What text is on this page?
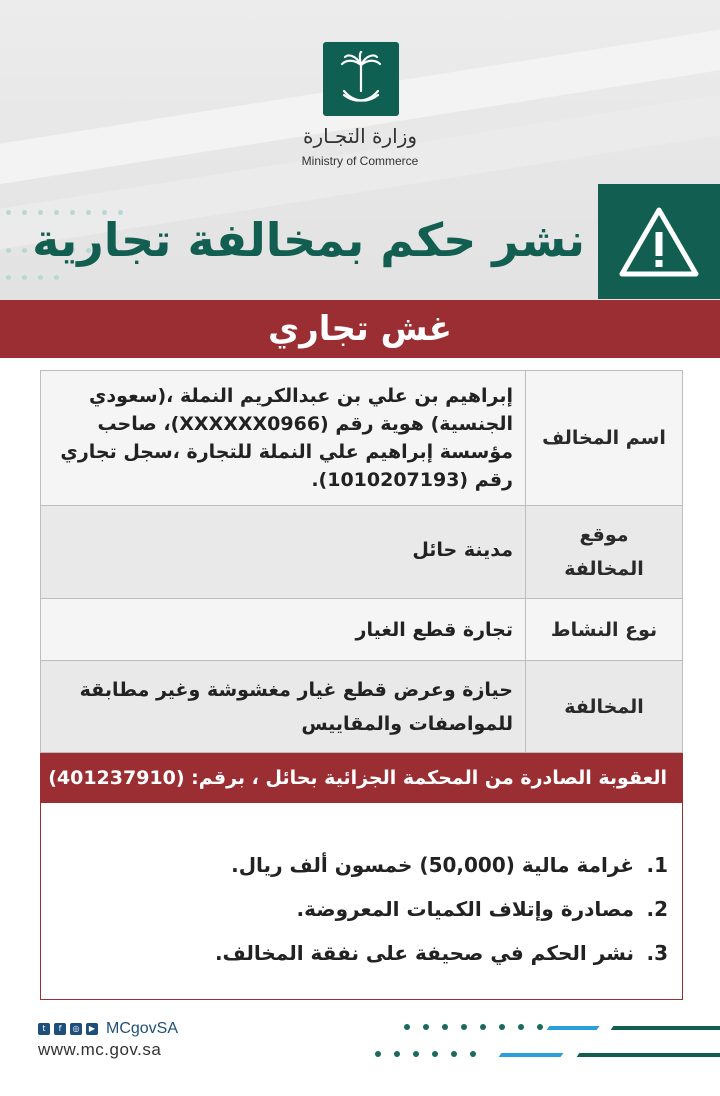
وزارة التجـارة
Ministry of Commerce
نشر حكم بمخالفة تجارية
غش تجاري
اسم المخالف	إبراهيم بن علي بن عبدالكريم النملة ،(سعودي الجنسية) هوية رقم (XXXXXX0966)، صاحب مؤسسة إبراهيم علي النملة للتجارة ،سجل تجاري رقم (1010207193).
موقع المخالفة	مدينة حائل
نوع النشاط	تجارة قطع الغيار
المخالفة	حيازة وعرض قطع غيار مغشوشة وغير مطابقة للمواصفات والمقاييس
العقوبة الصادرة من المحكمة الجزائية بحائل ، برقم: (401237910)
1.
غرامة مالية (50,000) خمسون ألف ريال.
2.
مصادرة وإتلاف الكميات المعروضة.
3.
نشر الحكم في صحيفة على نفقة المخالف.
t	f	◎	▶ MCgovSA
www.mc.gov.sa
